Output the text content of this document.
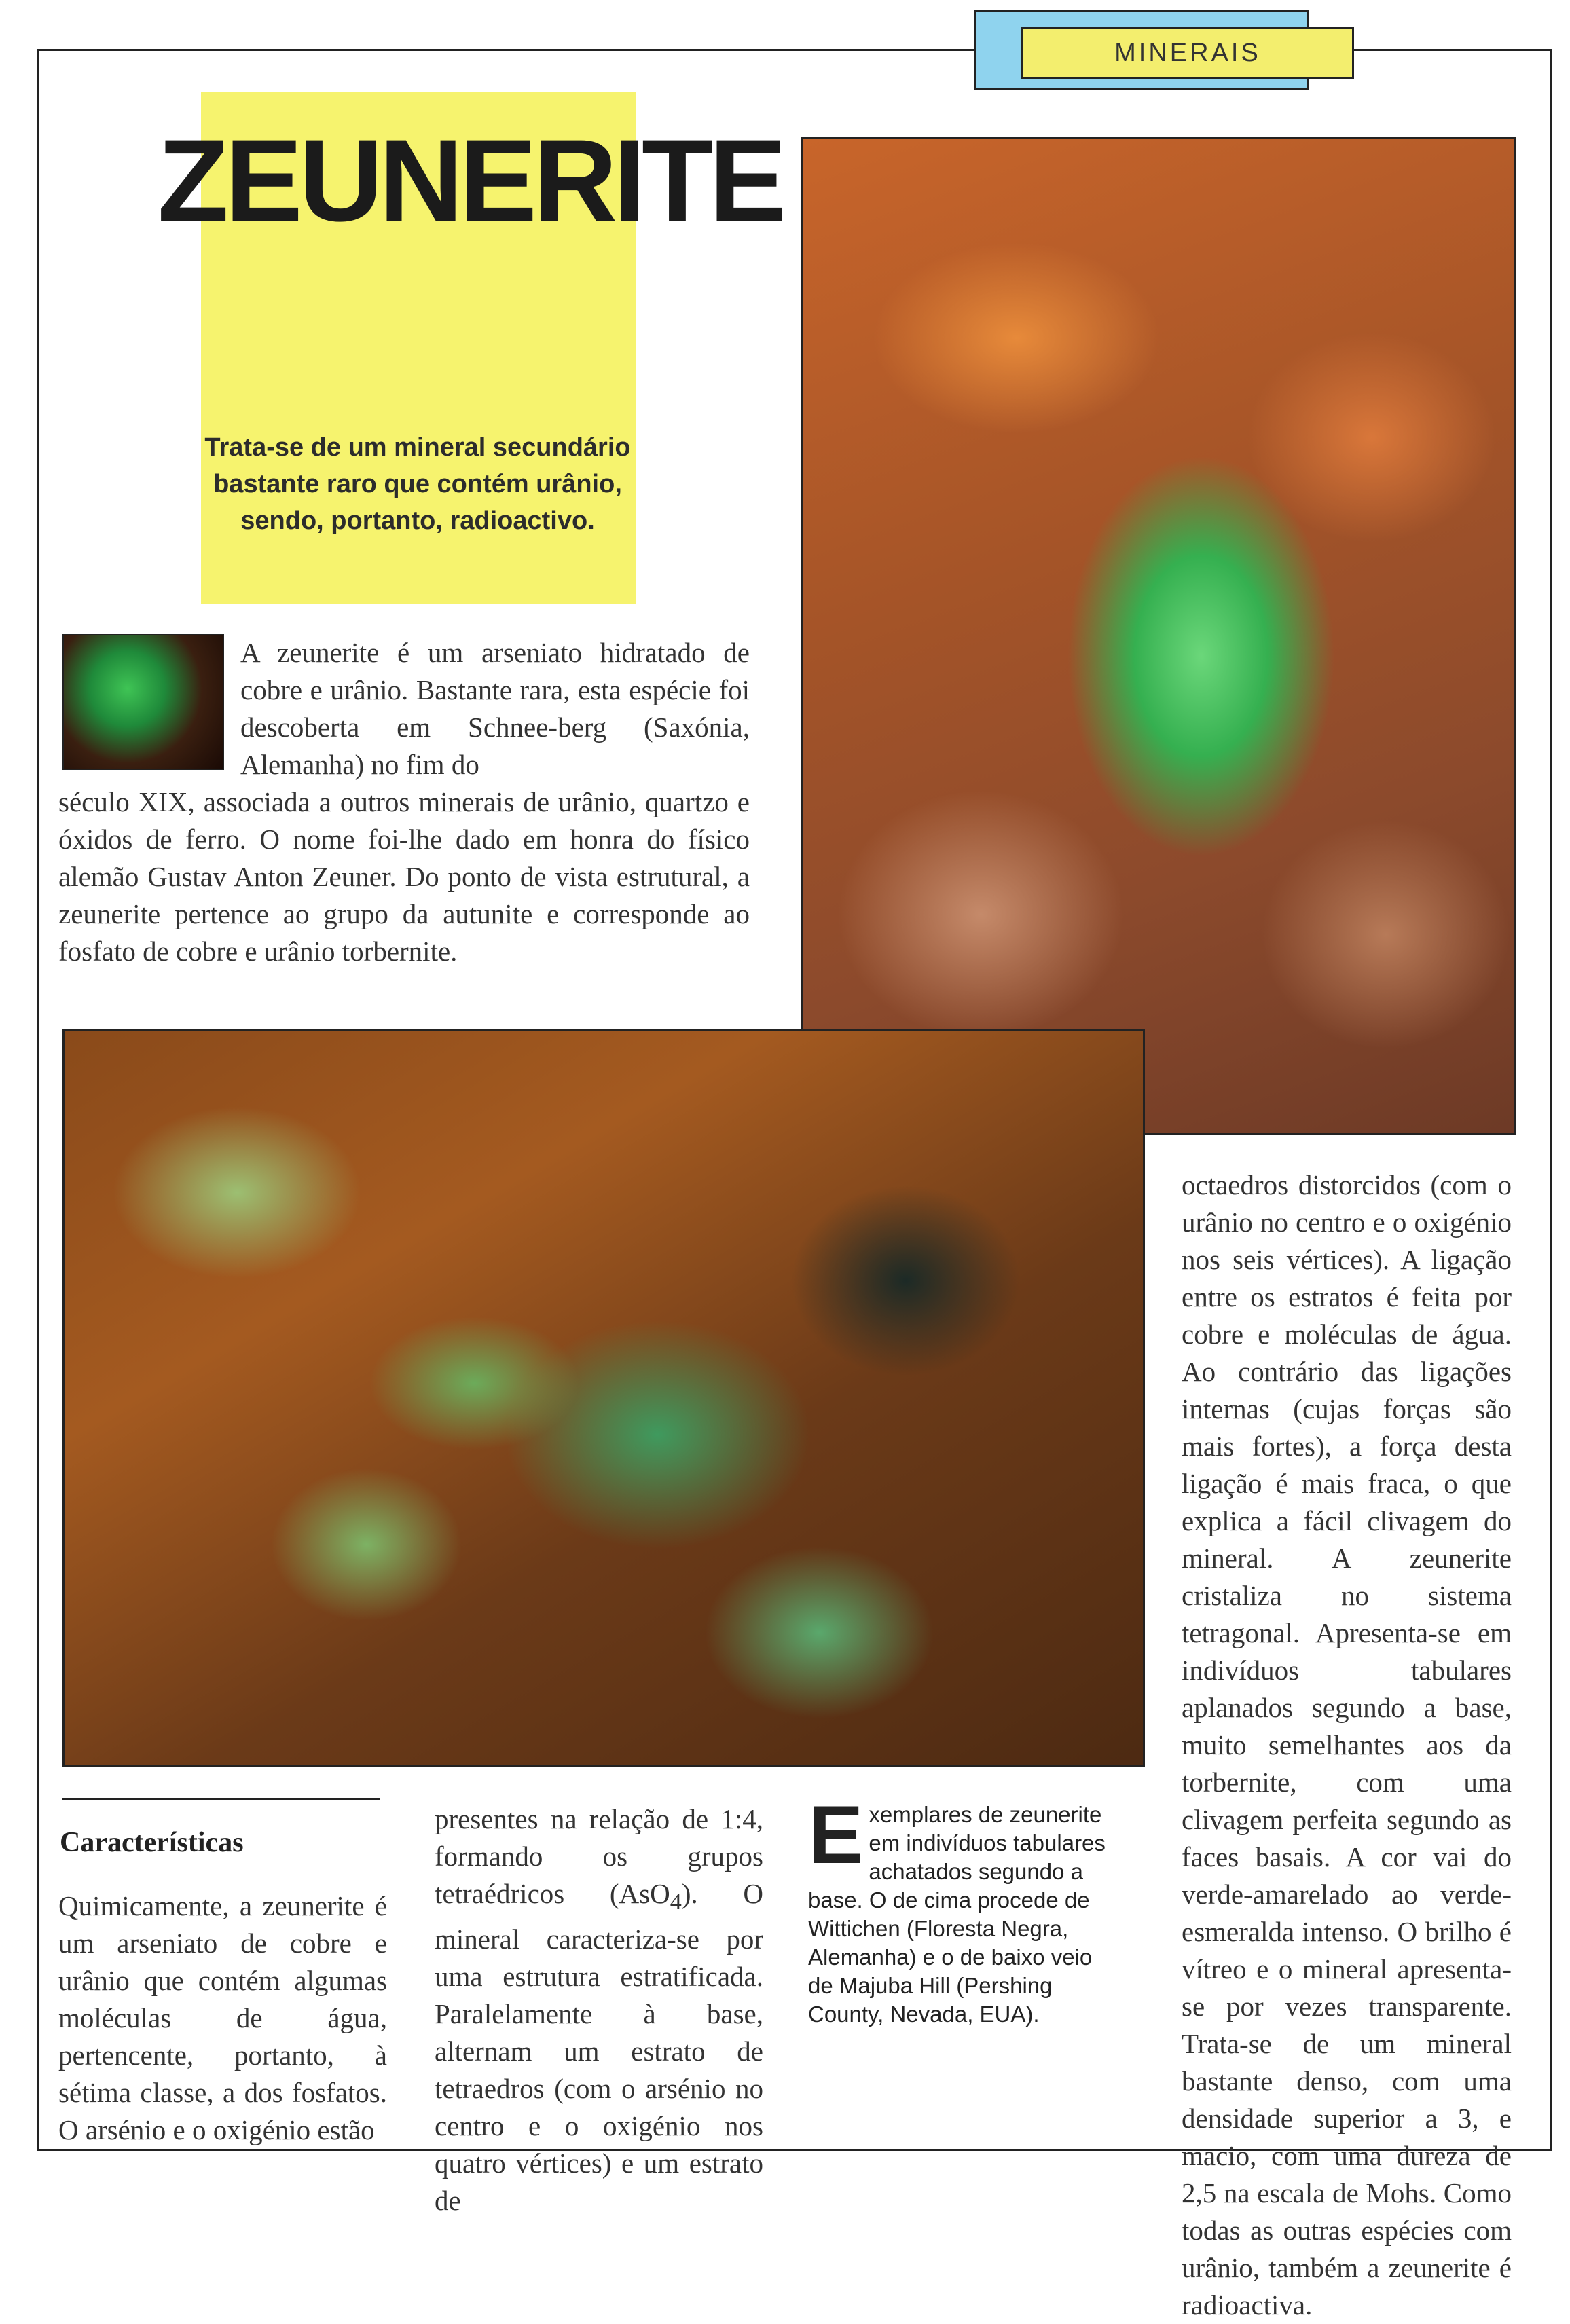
MINERAIS
ZEUNERITE
Trata-se de um mineral secundário bastante raro que contém urânio, sendo, portanto, radioactivo.

A zeunerite é um arseniato hidratado de cobre e urânio. Bastante rara, esta espécie foi descoberta em Schnee-berg (Saxónia, Alemanha) no fim do

século XIX, associada a outros minerais de urânio, quartzo e óxidos de ferro. O nome foi-lhe dado em honra do físico alemão Gustav Anton Zeuner. Do ponto de vista estrutural, a zeunerite pertence ao grupo da autunite e corresponde ao fosfato de cobre e urânio torbernite.

Características

Quimicamente, a zeunerite é um arseniato de cobre e urânio que contém algumas moléculas de água, pertencente, portanto, à sétima classe, a dos fosfatos. O arsénio e o oxigénio estão

presentes na relação de 1:4, formando os grupos tetraédricos (AsO$_4$). O mineral caracteriza-se por uma estrutura estratificada. Paralelamente à base, alternam um estrato de tetraedros (com o arsénio no centro e o oxigénio nos quatro vértices) e um estrato de

Exemplares de zeunerite em indivíduos tabulares achatados segundo a base. O de cima procede de Wittichen (Floresta Negra, Alemanha) e o de baixo veio de Majuba Hill (Pershing County, Nevada, EUA).

octaedros distorcidos (com o urânio no centro e o oxigénio nos seis vértices). A ligação entre os estratos é feita por cobre e moléculas de água. Ao contrário das ligações internas (cujas forças são mais fortes), a força desta ligação é mais fraca, o que explica a fácil clivagem do mineral. A zeunerite cristaliza no sistema tetragonal. Apresenta-se em indivíduos tabulares aplanados segundo a base, muito semelhantes aos da torbernite, com uma clivagem perfeita segundo as faces basais. A cor vai do verde-amarelado ao verde-esmeralda intenso. O brilho é vítreo e o mineral apresenta-se por vezes transparente. Trata-se de um mineral bastante denso, com uma densidade superior a 3, e macio, com uma dureza de 2,5 na escala de Mohs. Como todas as outras espécies com urânio, também a zeunerite é radioactiva.
